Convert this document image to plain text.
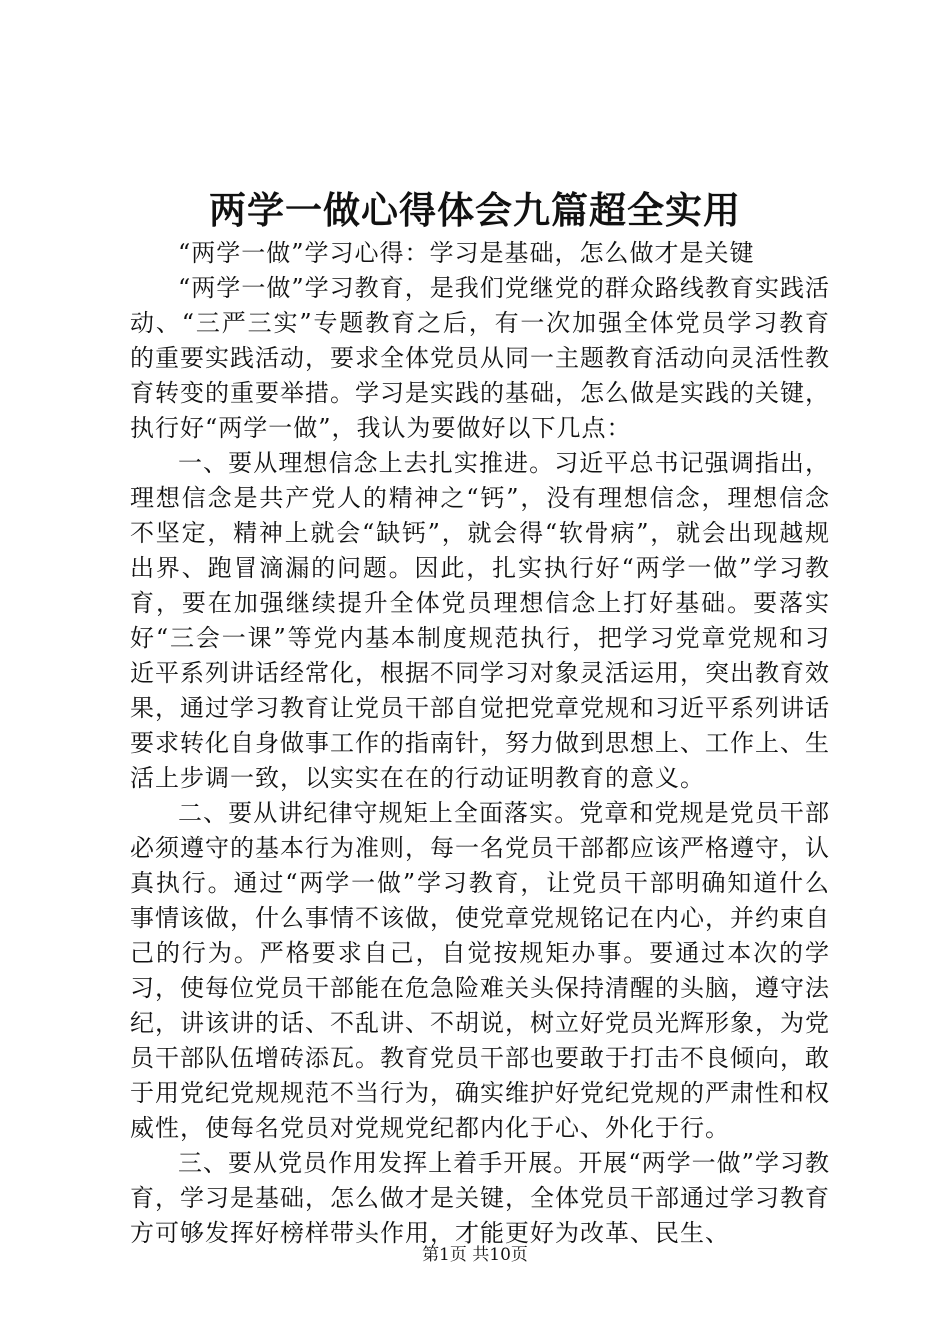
两学一做心得体会九篇超全实用

“两学一做”学习心得：学习是基础，怎么做才是关键

“两学一做”学习教育，是我们党继党的群众路线教育实践活动、“三严三实”专题教育之后，有一次加强全体党员学习教育的重要实践活动，要求全体党员从同一主题教育活动向灵活性教育转变的重要举措。学习是实践的基础，怎么做是实践的关键，执行好“两学一做”，我认为要做好以下几点：

一、要从理想信念上去扎实推进。习近平总书记强调指出，理想信念是共产党人的精神之“钙”，没有理想信念，理想信念不坚定，精神上就会“缺钙”，就会得“软骨病”，就会出现越规出界、跑冒滴漏的问题。因此，扎实执行好“两学一做”学习教育，要在加强继续提升全体党员理想信念上打好基础。要落实好“三会一课”等党内基本制度规范执行，把学习党章党规和习近平系列讲话经常化，根据不同学习对象灵活运用，突出教育效果，通过学习教育让党员干部自觉把党章党规和习近平系列讲话要求转化自身做事工作的指南针，努力做到思想上、工作上、生活上步调一致，以实实在在的行动证明教育的意义。

二、要从讲纪律守规矩上全面落实。党章和党规是党员干部必须遵守的基本行为准则，每一名党员干部都应该严格遵守，认真执行。通过“两学一做”学习教育，让党员干部明确知道什么事情该做，什么事情不该做，使党章党规铭记在内心，并约束自己的行为。严格要求自己，自觉按规矩办事。要通过本次的学习，使每位党员干部能在危急险难关头保持清醒的头脑，遵守法纪，讲该讲的话、不乱讲、不胡说，树立好党员光辉形象，为党员干部队伍增砖添瓦。教育党员干部也要敢于打击不良倾向，敢于用党纪党规规范不当行为，确实维护好党纪党规的严肃性和权威性，使每名党员对党规党纪都内化于心、外化于行。

三、要从党员作用发挥上着手开展。开展“两学一做”学习教育，学习是基础，怎么做才是关键，全体党员干部通过学习教育方可够发挥好榜样带头作用，才能更好为改革、民生、

第1页 共10页
